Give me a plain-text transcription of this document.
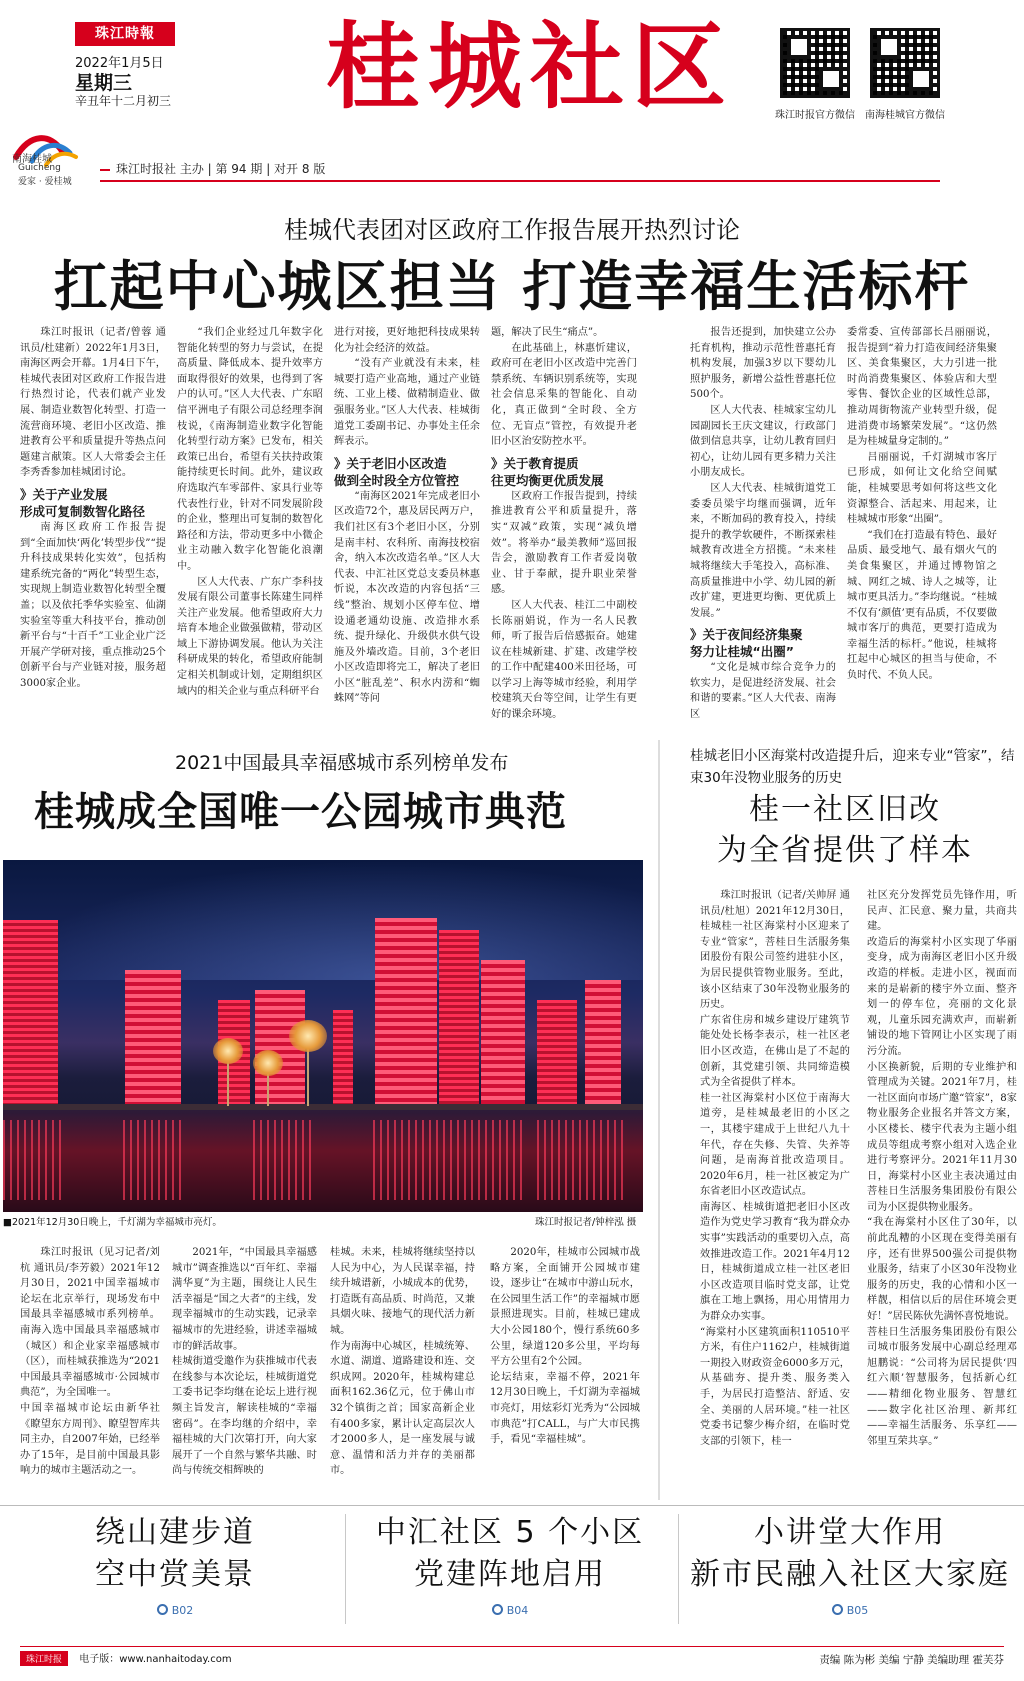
珠江時報
2022年1月5日
星期三
辛丑年十二月初三	桂城社区	珠江时报官方微信	南海桂城官方微信
南海桂城
Guicheng
爱家 · 爱桂城
珠江时报社 主办 | 第 94 期 | 对开 8 版
桂城代表团对区政府工作报告展开热烈讨论
扛起中心城区担当 打造幸福生活标杆

珠江时报讯（记者/曾蓉 通讯员/杜建新）2022年1月3日，南海区两会开幕。1月4日下午，桂城代表团对区政府工作报告进行热烈讨论，代表们就产业发展、制造业数智化转型、打造一流营商环境、老旧小区改造、推进教育公平和质量提升等热点问题建言献策。区人大常委会主任李秀香参加桂城团讨论。

》关于产业发展
形成可复制数智化路径

南海区政府工作报告提到“全面加快‘两化’转型步伐”“提升科技成果转化实效”，包括构建系统完备的“两化”转型生态，实现规上制造业数智化转型全覆盖；以及依托季华实验室、仙湖实验室等重大科技平台，推动创新平台与“十百千”工业企业广泛开展产学研对接，重点推动25个创新平台与产业链对接，服务超3000家企业。

“我们企业经过几年数字化智能化转型的努力与尝试，在提高质量、降低成本、提升效率方面取得很好的效果，也得到了客户的认可。”区人大代表、广东昭信平洲电子有限公司总经理李润枝说，《南海制造业数字化智能化转型行动方案》已发布，相关政策已出台，希望有关扶持政策能持续更长时间。此外，建议政府选取汽车零部件、家具行业等代表性行业，针对不同发展阶段的企业，整理出可复制的数智化路径和方法，带动更多中小微企业主动融入数字化智能化浪潮中。

区人大代表、广东广李科技发展有限公司董事长陈建生同样关注产业发展。他希望政府大力培育本地企业做强做精，带动区域上下游协调发展。他认为关注科研成果的转化，希望政府能制定相关机制或计划，定期组织区域内的相关企业与重点科研平台

进行对接，更好地把科技成果转化为社会经济的效益。

“没有产业就没有未来，桂城要打造产业高地，通过产业链统、工业上楼、做精制造业、做强服务业。”区人大代表、桂城街道党工委副书记、办事处主任余辉表示。

》关于老旧小区改造
做到全时段全方位管控

“南海区2021年完成老旧小区改造72个，惠及居民两万户，我们社区有3个老旧小区，分别是南丰村、农科所、南海技校宿舍，纳入本次改造名单。”区人大代表、中汇社区党总支委员林惠忻说，本次改造的内容包括“三线”整治、规划小区停车位、增设通老通幼设施、改造排水系统、提升绿化、升级供水供气设施及外墙改造。目前，3个老旧小区改造即将完工，解决了老旧小区“脏乱差”、积水内涝和“蜘蛛网”等问

题，解决了民生“痛点”。

在此基础上，林惠忻建议，政府可在老旧小区改造中完善门禁系统、车辆识别系统等，实现社会信息采集的智能化、自动化，真正做到“全时段、全方位、无盲点”管控，有效提升老旧小区治安防控水平。

》关于教育提质
往更均衡更优质发展

区政府工作报告提到，持续推进教育公平和质量提升，落实“双减”政策，实现“减负增效”。将举办“最美教师”巡回报告会，激励教育工作者爱岗敬业、甘于奉献，提升职业荣誉感。

区人大代表、桂江二中副校长陈丽娟说，作为一名人民教师，听了报告后倍感振奋。她建议在桂城新建、扩建、改建学校的工作中配建400米田径场，可以学习上海等城市经验，利用学校建筑天台等空间，让学生有更好的课余环境。

报告还提到，加快建立公办托育机构，推动示范性普惠托育机构发展，加强3岁以下婴幼儿照护服务，新增公益性普惠托位500个。

区人大代表、桂城家宝幼儿园副园长王庆文建议，行政部门做到信息共享，让幼儿教育回归初心，让幼儿园有更多精力关注小朋友成长。

区人大代表、桂城街道党工委委员梁宇均继而强调，近年来，不断加码的教育投入，持续提升的教学软硬件，不断探索桂城教育改进全方招揽。“未来桂城将继续大手笔投入，高标准、高质量推进中小学、幼儿园的新改扩建，更进更均衡、更优质上发展。”

》关于夜间经济集聚
努力让桂城“出圈”

“文化是城市综合竞争力的软实力，是促进经济发展、社会和谐的要素。”区人大代表、南海区

委常委、宣传部部长吕丽丽说，报告提到“着力打造夜间经济集聚区、美食集聚区，大力引进一批时尚消费集聚区、体验店和大型零售、餐饮企业的区域性总部，推动周街物流产业转型升级，促进消费市场繁荣发展”。“这仍然是为桂城量身定制的。”

吕丽丽说，千灯湖城市客厅已形成，如何让文化给空间赋能，桂城要思考如何将这些文化资源整合、活起来、用起来，让桂城城市形象“出圈”。

“我们在打造最有特色、最好品质、最受地气、最有烟火气的美食集聚区，并通过博物馆之城、网红之城、诗人之城等，让城市更具活力。”李均继说。“桂城不仅有‘颜值’更有品质，不仅要做城市客厅的典范，更要打造成为幸福生活的标杆。”他说，桂城将扛起中心城区的担当与使命，不负时代、不负人民。

2021中国最具幸福感城市系列榜单发布
桂城成全国唯一公园城市典范
■2021年12月30日晚上，千灯湖为幸福城市亮灯。	珠江时报记者/钟梓泓 摄

珠江时报讯（见习记者/刘杭 通讯员/李芳毅）2021年12月30日，2021中国幸福城市论坛在北京举行，现场发布中国最具幸福感城市系列榜单。南海入选中国最具幸福感城市（城区）和企业家幸福感城市（区），而桂城获推选为“2021中国最具幸福感城市·公园城市典范”，为全国唯一。
中国幸福城市论坛由新华社《瞭望东方周刊》、瞭望智库共同主办，自2007年始，已经举办了15年，是目前中国最具影响力的城市主题活动之一。

2021年，“中国最具幸福感城市”调查推选以“百年红、幸福满华夏”为主题，围绕让人民生活幸福是“国之大者”的主线，发现幸福城市的生动实践，记录幸福城市的先进经验，讲述幸福城市的鲜活故事。
桂城街道受邀作为获推城市代表在线参与本次论坛，桂城街道党工委书记李均继在论坛上进行视频主旨发言，解读桂城的“幸福密码”。在李均继的介绍中，幸福桂城的大门次第打开，向大家展开了一个自然与繁华共融、时尚与传统交相辉映的

桂城。未来，桂城将继续坚持以人民为中心，为人民谋幸福，持续升城谱新，小城成本的优势，打造既有高品质、时尚范，又兼具烟火味、接地气的现代活力新城。
作为南海中心城区，桂城统筹、水道、湖道、道路建设和连、交织成网。2020年，桂城构建总面积162.36亿元，位于佛山市32个镇街之首；国家高新企业有400多家，累计认定高层次人才2000多人，是一座发展与诚意、温情和活力并存的美丽都市。

2020年，桂城市公园城市战略方案，全面铺开公园城市建设，逐步让“在城市中游山玩水，在公园里生活工作”的幸福城市愿景照进现实。目前，桂城已建成大小公园180个，慢行系统60多公里，绿道120多公里，平均每平方公里有2个公园。
论坛结束，幸福不停，2021年12月30日晚上，千灯湖为幸福城市亮灯，用炫彩灯光秀为“公园城市典范”打CALL，与广大市民携手，看见“幸福桂城”。

桂城老旧小区海棠村改造提升后，迎来专业“管家”，结束30年没物业服务的历史
桂一社区旧改
为全省提供了样本

珠江时报讯（记者/关帅屏 通讯员/杜旭）2021年12月30日，桂城桂一社区海棠村小区迎来了专业“管家”，菩桂日生活服务集团股份有限公司签约进驻小区，为居民提供管物业服务。至此，该小区结束了30年没物业服务的历史。
广东省住房和城乡建设厅建筑节能处处长杨李表示，桂一社区老旧小区改造，在佛山是了不起的创新，其党建引领、共同缔造模式为全省提供了样本。
桂一社区海棠村小区位于南海大道旁，是桂城最老旧的小区之一，其楼宇建成于上世纪八九十年代，存在失修、失管、失养等问题，是南海首批改造项目。2020年6月，桂一社区被定为广东省老旧小区改造试点。
南海区、桂城街道把老旧小区改造作为党史学习教育“我为群众办实事”实践活动的重要切入点，高效推进改造工作。2021年4月12日，桂城街道成立桂一社区老旧小区改造项目临时党支部，让党旗在工地上飘扬，用心用情用力为群众办实事。
“海棠村小区建筑面积110510平方米，有住户1162户，桂城街道一期投入财政资金6000多万元，从基础夯、提升类、服务类入手，为居民打造整洁、舒适、安全、美丽的人居环境。”桂一社区党委书记黎少梅介绍，在临时党支部的引领下，桂一

社区充分发挥党员先锋作用，听民声、汇民意、聚力量，共商共建。
改造后的海棠村小区实现了华丽变身，成为南海区老旧小区升级改造的样板。走进小区，视面而来的是崭新的楼宇外立面、整齐划一的停车位，亮丽的文化景观，儿童乐园充满欢声，而崭新铺设的地下管网让小区实现了雨污分流。
小区换新貌，后期的专业维护和管理成为关键。2021年7月，桂一社区面向市场广邀“管家”，8家物业服务企业报名并答文方案，小区楼长、楼宇代表为主题小组成员等组成考察小组对入选企业进行考察评分。2021年11月30日，海棠村小区业主表决通过由菩桂日生活服务集团股份有限公司为小区提供物业服务。
“我在海棠村小区住了30年，以前此乱糟的小区现在变得美丽有序，还有世界500强公司提供物业服务，结束了小区30年没物业服务的历史，我的心情和小区一样靓，相信以后的居住环境会更好！”居民陈伙先满怀喜悦地说。
菩桂日生活服务集团股份有限公司城市服务发展中心副总经理邓旭鹏说：“公司将为居民提供‘四红六顺’智慧服务，包括新心红——精细化物业服务、智慧红——数字化社区治理、新邦红——幸福生活服务、乐享红——邻里互荣共享。”

绕山建步道
空中赏美景
B02
中汇社区 5 个小区
党建阵地启用
B04
小讲堂大作用
新市民融入社区大家庭
B05
珠江时报 电子版：www.nanhaitoday.com	责编 陈为彬 美编 宁静 美编助理 霍芙芬
